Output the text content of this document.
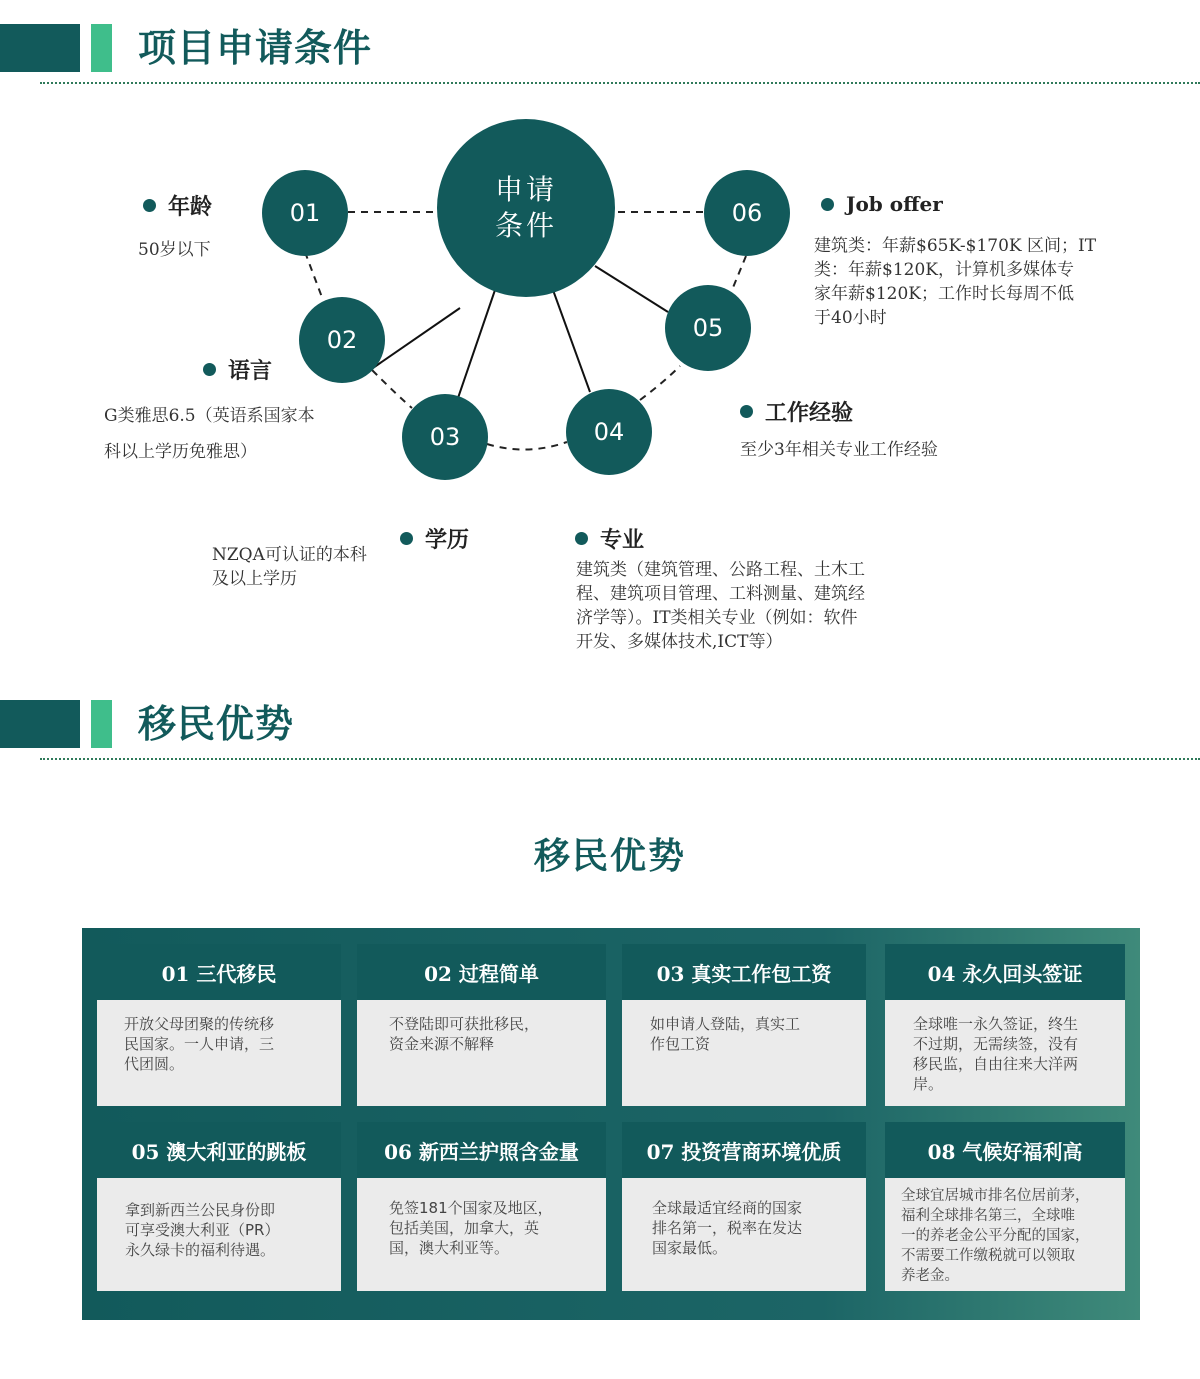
项目申请条件
申请
条件
01
02
03	04
05
06
年龄
50岁以下
语言
G类雅思6.5（英语系国家本
科以上学历免雅思）
学历
NZQA可认证的本科
及以上学历
专业
建筑类（建筑管理、公路工程、土木工
程、建筑项目管理、工料测量、建筑经
济学等）。IT类相关专业（例如：软件
开发、多媒体技术,ICT等）
工作经验
至少3年相关专业工作经验
Job offer
建筑类：年薪$65K-$170K 区间；IT
类：年薪$120K，计算机多媒体专
家年薪$120K；工作时长每周不低
于40小时
移民优势
移民优势
01 三代移民
开放父母团聚的传统移
民国家。一人申请，三
代团圆。
02 过程简单
不登陆即可获批移民，
资金来源不解释
03 真实工作包工资
如申请人登陆，真实工
作包工资
04 永久回头签证
全球唯一永久签证，终生
不过期，无需续签，没有
移民监，自由往来大洋两
岸。
05 澳大利亚的跳板
拿到新西兰公民身份即
可享受澳大利亚（PR）
永久绿卡的福利待遇。
06 新西兰护照含金量
免签181个国家及地区，
包括美国，加拿大，英
国，澳大利亚等。
07 投资营商环境优质
全球最适宜经商的国家
排名第一，税率在发达
国家最低。
08 气候好福利高
全球宜居城市排名位居前茅，
福利全球排名第三，全球唯
一的养老金公平分配的国家，
不需要工作缴税就可以领取
养老金。
